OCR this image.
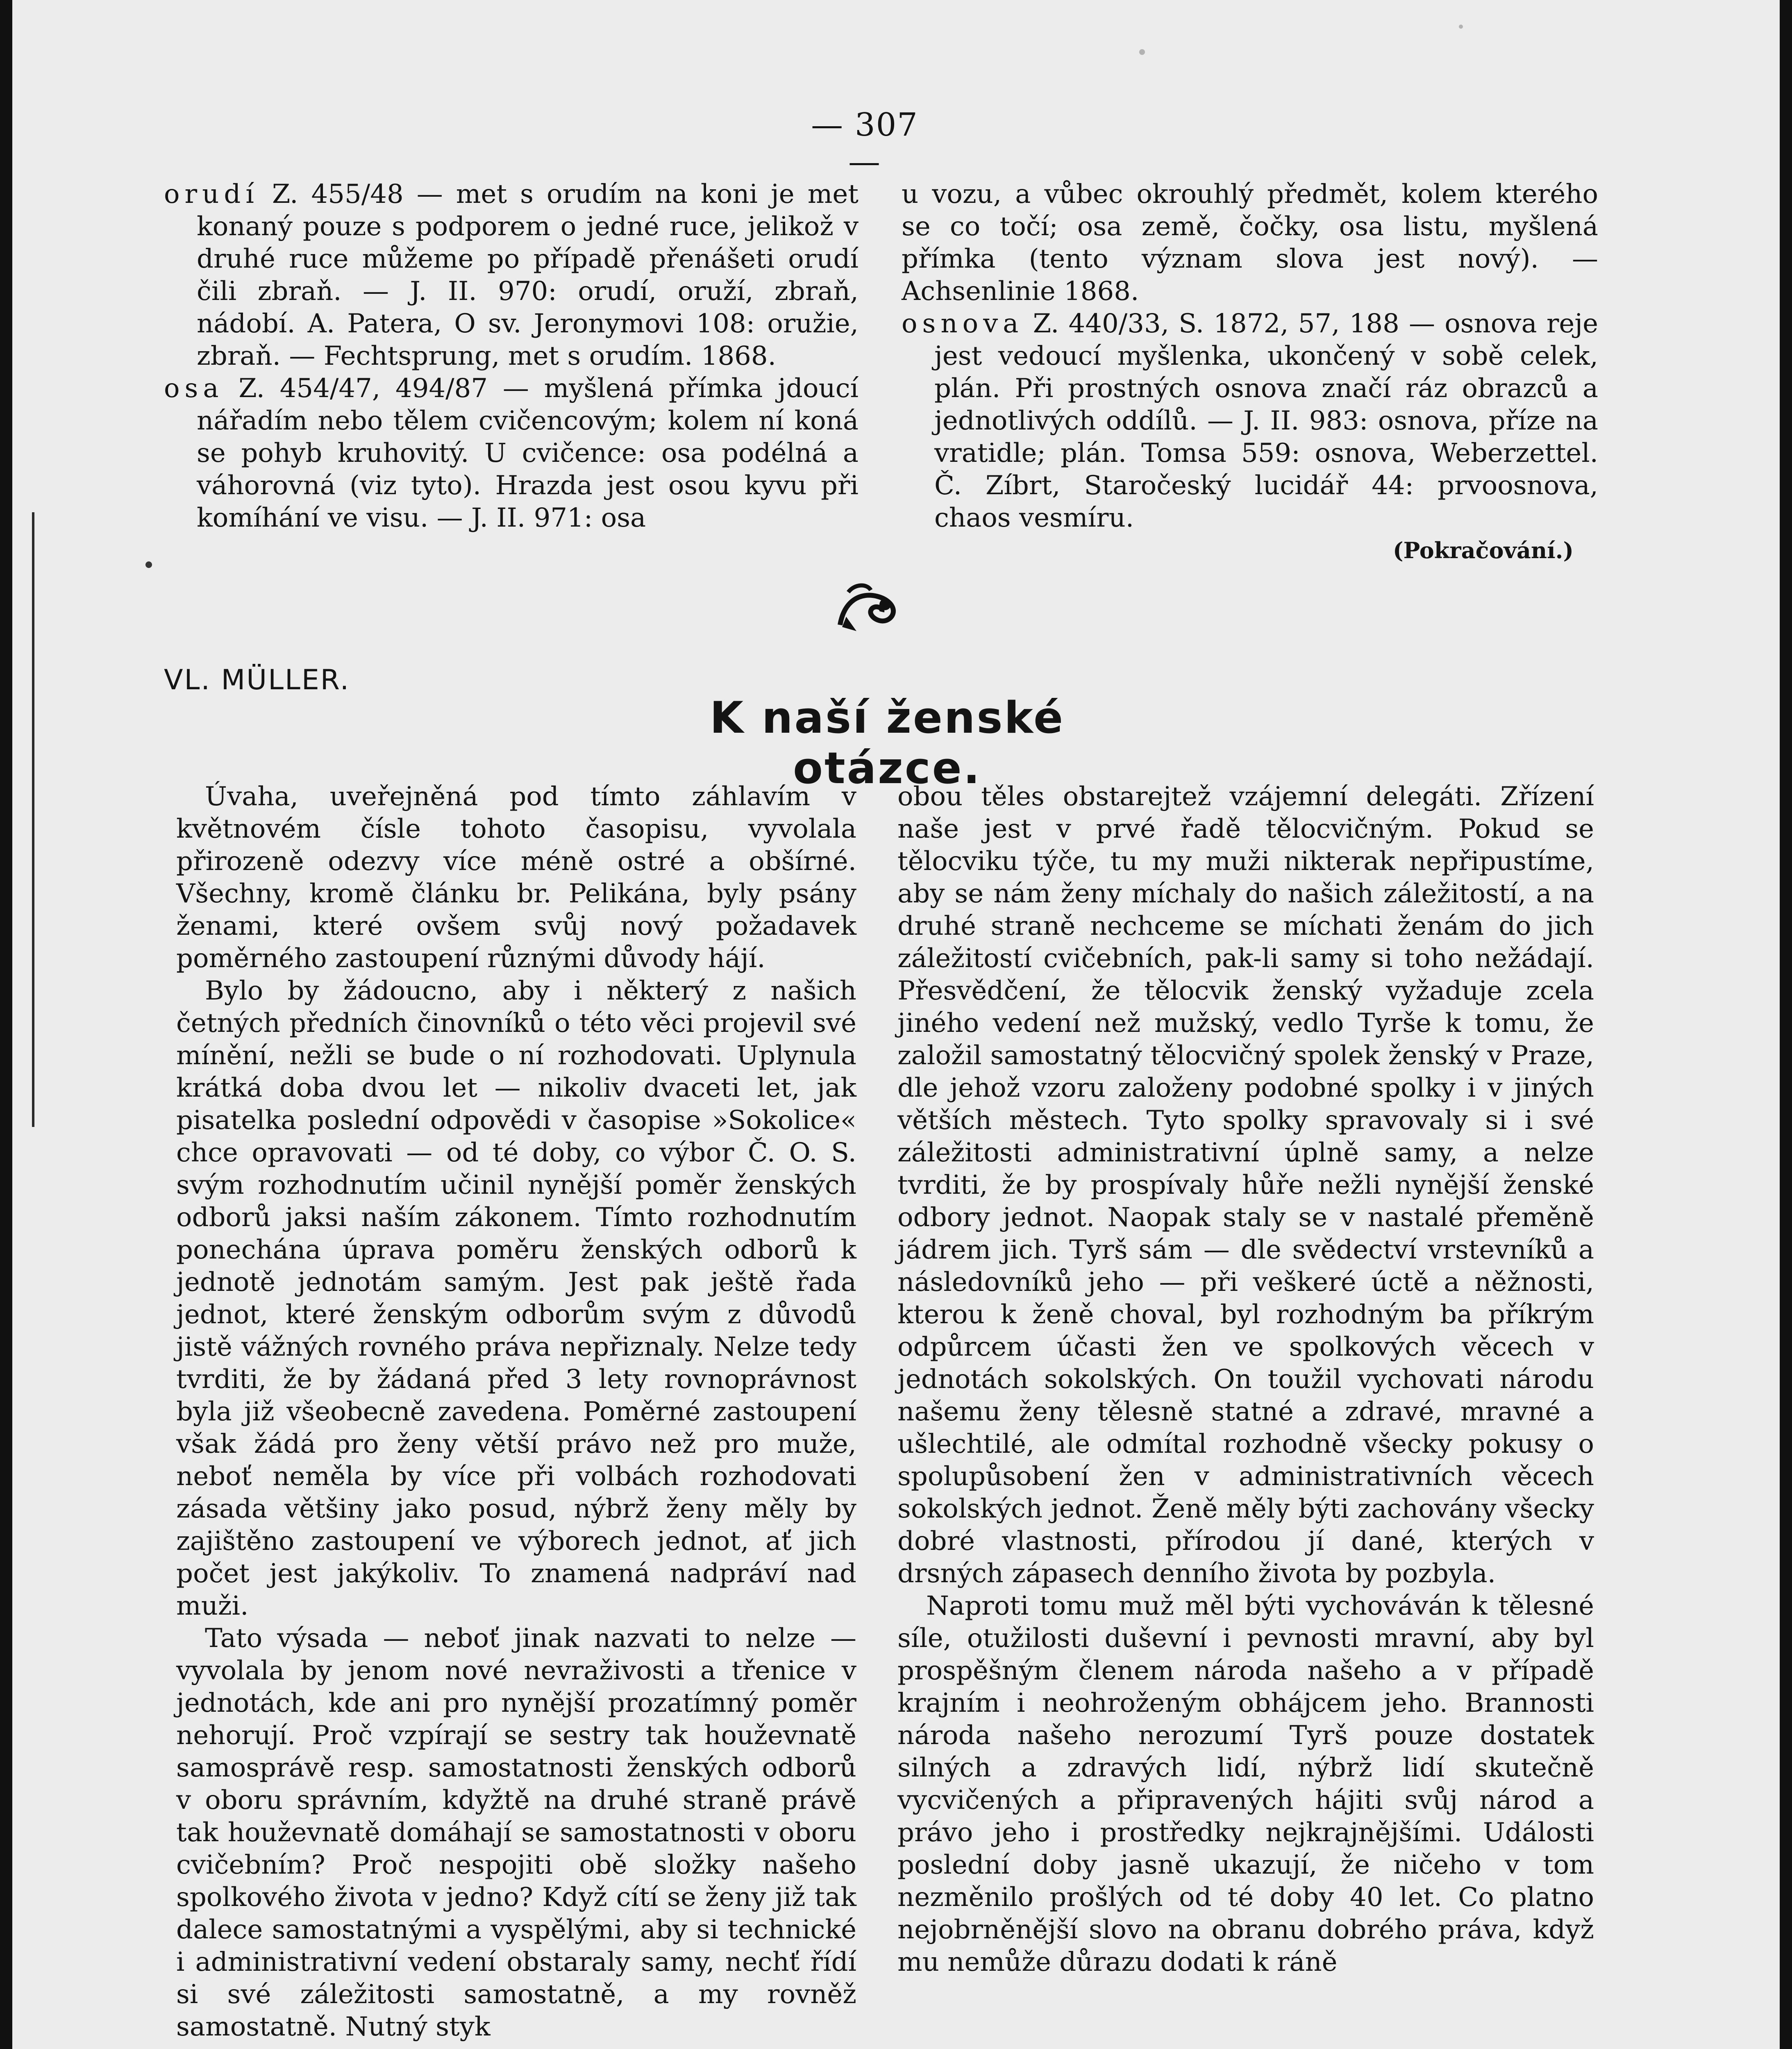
— 307 —

orudí Z. 455/48 — met s orudím na koni je met konaný pouze s podporem o jedné ruce, jelikož v druhé ruce můžeme po případě přenášeti orudí čili zbraň. — J. II. 970: orudí, oruží, zbraň, nádobí. A. Patera, O sv. Jeronymovi 108: oružie, zbraň. — Fechtsprung, met s orudím. 1868.

osa Z. 454/47, 494/87 — myšlená přímka jdoucí nářadím nebo tělem cvičencovým; kolem ní koná se pohyb kruhovitý. U cvičence: osa podélná a váhorovná (viz tyto). Hrazda jest osou kyvu při komíhání ve visu. — J. II. 971: osa

u vozu, a vůbec okrouhlý předmět, kolem kterého se co točí; osa země, čočky, osa listu, myšlená přímka (tento význam slova jest nový). — Achsenlinie 1868.

osnova Z. 440/33, S. 1872, 57, 188 — osnova reje jest vedoucí myšlenka, ukončený v sobě celek, plán. Při prostných osnova značí ráz obrazců a jednotlivých oddílů. — J. II. 983: osnova, příze na vratidle; plán. Tomsa 559: osnova, Weberzettel. Č. Zíbrt, Staročeský lucidář 44: prvoosnova, chaos vesmíru.

(Pokračování.)

VL. MÜLLER.
K naší ženské otázce.

Úvaha, uveřejněná pod tímto záhlavím v květnovém čísle tohoto časopisu, vyvolala přirozeně odezvy více méně ostré a obšírné. Všechny, kromě článku br. Pelikána, byly psány ženami, které ovšem svůj nový požadavek poměrného zastoupení různými důvody hájí.

Bylo by žádoucno, aby i některý z našich četných předních činovníků o této věci projevil své mínění, nežli se bude o ní rozhodovati. Uplynula krátká doba dvou let — nikoliv dvaceti let, jak pisatelka poslední odpovědi v časopise »Sokolice« chce opravovati — od té doby, co výbor Č. O. S. svým rozhodnutím učinil nynější poměr ženských odborů jaksi naším zákonem. Tímto rozhodnutím ponechána úprava poměru ženských odborů k jednotě jednotám samým. Jest pak ještě řada jednot, které ženským odborům svým z důvodů jistě vážných rovného práva nepřiznaly. Nelze tedy tvrditi, že by žádaná před 3 lety rovnoprávnost byla již všeobecně zavedena. Poměrné zastoupení však žádá pro ženy větší právo než pro muže, neboť neměla by více při volbách rozhodovati zásada většiny jako posud, nýbrž ženy měly by zajištěno zastoupení ve výborech jednot, ať jich počet jest jakýkoliv. To znamená nadpráví nad muži.

Tato výsada — neboť jinak nazvati to nelze — vyvolala by jenom nové nevraživosti a třenice v jednotách, kde ani pro nynější prozatímný poměr nehorují. Proč vzpírají se sestry tak houževnatě samosprávě resp. samostatnosti ženských odborů v oboru správním, kdyžtě na druhé straně právě tak houževnatě domáhají se samostatnosti v oboru cvičebním? Proč nespojiti obě složky našeho spolkového života v jedno? Když cítí se ženy již tak dalece samostatnými a vyspělými, aby si technické i administrativní vedení obstaraly samy, nechť řídí si své záležitosti samostatně, a my rovněž samostatně. Nutný styk

obou těles obstarejtež vzájemní delegáti. Zřízení naše jest v prvé řadě tělocvičným. Pokud se tělocviku týče, tu my muži nikterak nepřipustíme, aby se nám ženy míchaly do našich záležitostí, a na druhé straně nechceme se míchati ženám do jich záležitostí cvičebních, pak-li samy si toho nežádají. Přesvědčení, že tělocvik ženský vyžaduje zcela jiného vedení než mužský, vedlo Tyrše k tomu, že založil samostatný tělocvičný spolek ženský v Praze, dle jehož vzoru založeny podobné spolky i v jiných větších městech. Tyto spolky spravovaly si i své záležitosti administrativní úplně samy, a nelze tvrditi, že by prospívaly hůře nežli nynější ženské odbory jednot. Naopak staly se v nastalé přeměně jádrem jich. Tyrš sám — dle svědectví vrstevníků a následovníků jeho — při veškeré úctě a něžnosti, kterou k ženě choval, byl rozhodným ba příkrým odpůrcem účasti žen ve spolkových věcech v jednotách sokolských. On toužil vychovati národu našemu ženy tělesně statné a zdravé, mravné a ušlechtilé, ale odmítal rozhodně všecky pokusy o spolupůsobení žen v administrativních věcech sokolských jednot. Ženě měly býti zachovány všecky dobré vlastnosti, přírodou jí dané, kterých v drsných zápasech denního života by pozbyla.

Naproti tomu muž měl býti vychováván k tělesné síle, otužilosti duševní i pevnosti mravní, aby byl prospěšným členem národa našeho a v případě krajním i neohroženým obhájcem jeho. Brannosti národa našeho nerozumí Tyrš pouze dostatek silných a zdravých lidí, nýbrž lidí skutečně vycvičených a připravených hájiti svůj národ a právo jeho i prostředky nejkrajnějšími. Události poslední doby jasně ukazují, že ničeho v tom nezměnilo prošlých od té doby 40 let. Co platno nejobrněnější slovo na obranu dobrého práva, když mu nemůže důrazu dodati k ráně
